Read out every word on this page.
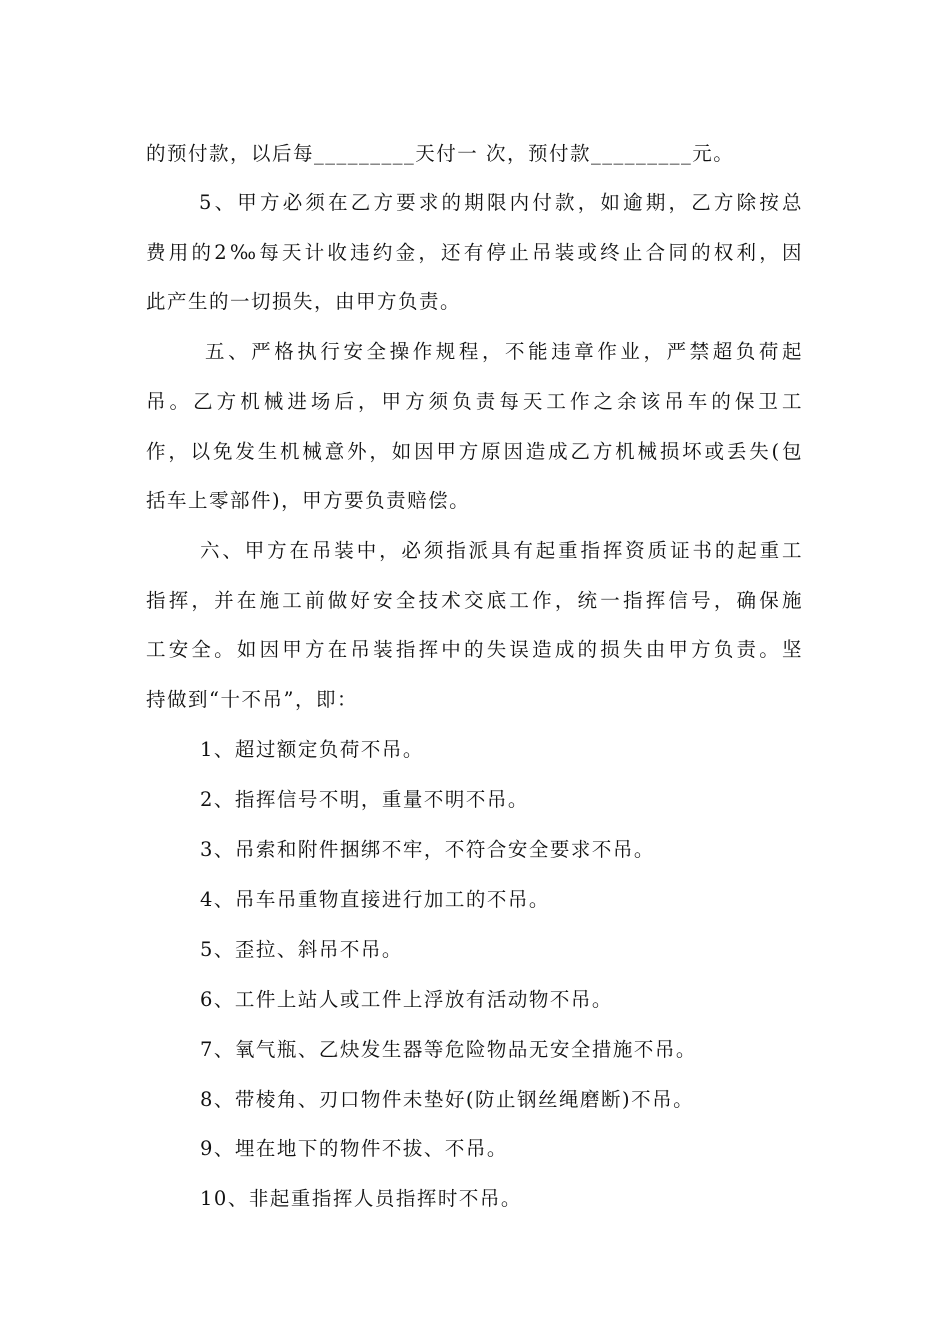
的预付款，以后每_________天付一 次，预付款_________元。
5、甲方必须在乙方要求的期限内付款，如逾期，乙方除按总
费用的2‰每天计收违约金，还有停止吊装或终止合同的权利，因
此产生的一切损失，由甲方负责。
五、严格执行安全操作规程，不能违章作业，严禁超负荷起
吊。乙方机械进场后，甲方须负责每天工作之余该吊车的保卫工
作，以免发生机械意外，如因甲方原因造成乙方机械损坏或丢失(包
括车上零部件)，甲方要负责赔偿。
六、甲方在吊装中，必须指派具有起重指挥资质证书的起重工
指挥，并在施工前做好安全技术交底工作，统一指挥信号，确保施
工安全。如因甲方在吊装指挥中的失误造成的损失由甲方负责。坚
持做到“十不吊”，即：
1、超过额定负荷不吊。
2、指挥信号不明，重量不明不吊。
3、吊索和附件捆绑不牢，不符合安全要求不吊。
4、吊车吊重物直接进行加工的不吊。
5、歪拉、斜吊不吊。
6、工件上站人或工件上浮放有活动物不吊。
7、氧气瓶、乙炔发生器等危险物品无安全措施不吊。
8、带棱角、刃口物件未垫好(防止钢丝绳磨断)不吊。
9、埋在地下的物件不拔、不吊。
10、非起重指挥人员指挥时不吊。
